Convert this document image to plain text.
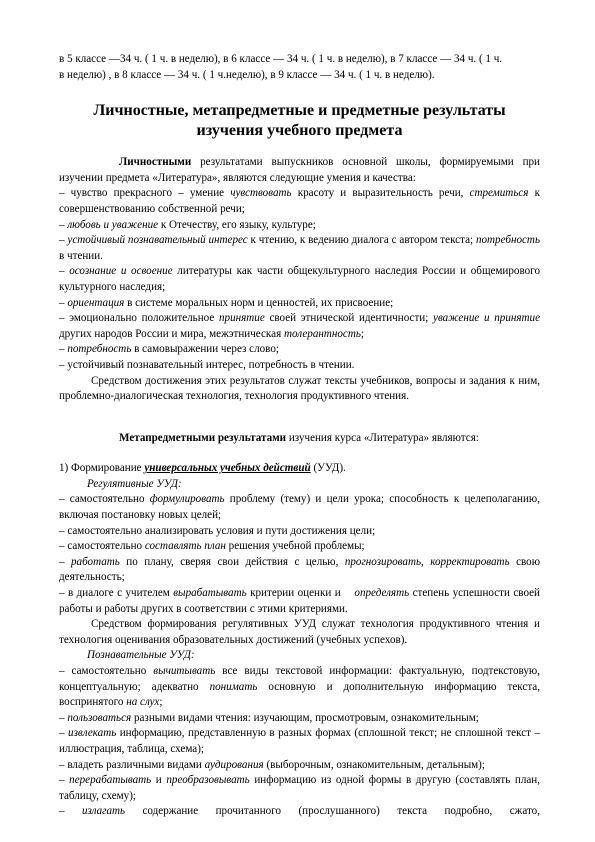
в 5 классе —34 ч. ( 1 ч. в неделю), в 6 классе — 34 ч. ( 1 ч. в неделю), в 7 классе — 34 ч. ( 1 ч.

в неделю) , в 8 классе — 34 ч. ( 1 ч.неделю), в 9 классе — 34 ч. ( 1 ч. в неделю).

Личностные, метапредметные и предметные результаты изучения учебного предмета

Личностными результатами выпускников основной школы, формируемыми при изучении предмета «Литература», являются следующие умения и качества:

– чувство прекрасного – умение чувствовать красоту и выразительность речи, стремиться к совершенствованию собственной речи;

– любовь и уважение к Отечеству, его языку, культуре;

– устойчивый познавательный интерес к чтению, к ведению диалога с автором текста; потребность в чтении.

– осознание и освоение литературы как части общекультурного наследия России и общемирового культурного наследия;

– ориентация в системе моральных норм и ценностей, их присвоение;

– эмоционально положительное принятие своей этнической идентичности; уважение и принятие других народов России и мира, межэтническая толерантность;

– потребность в самовыражении через слово;

– устойчивый познавательный интерес, потребность в чтении.

Средством достижения этих результатов служат тексты учебников, вопросы и задания к ним, проблемно-диалогическая технология, технология продуктивного чтения.

Метапредметными результатами изучения курса «Литература» являются:

1) Формирование универсальных учебных действий (УУД).

Регулятивные УУД:

– самостоятельно формулировать проблему (тему) и цели урока; способность к целеполаганию, включая постановку новых целей;

– самостоятельно анализировать условия и пути достижения цели;

– самостоятельно составлять план решения учебной проблемы;

– работать по плану, сверяя свои действия с целью, прогнозировать, корректировать свою деятельность;

– в диалоге с учителем вырабатывать критерии оценки и    определять степень успешности своей работы и работы других в соответствии с этими критериями.

Средством формирования регулятивных УУД служат технология продуктивного чтения и технология оценивания образовательных достижений (учебных успехов).

Познавательные УУД:

– самостоятельно вычитывать все виды текстовой информации: фактуальную, подтекстовую, концептуальную; адекватно понимать основную и дополнительную информацию текста, воспринятого на слух;

– пользоваться разными видами чтения: изучающим, просмотровым, ознакомительным;

– извлекать информацию, представленную в разных формах (сплошной текст; не сплошной текст – иллюстрация, таблица, схема);

– владеть различными видами аудирования (выборочным, ознакомительным, детальным);

– перерабатывать и преобразовывать информацию из одной формы в другую (составлять план, таблицу, схему);

– излагать содержание прочитанного (прослушанного) текста подробно, сжато,
